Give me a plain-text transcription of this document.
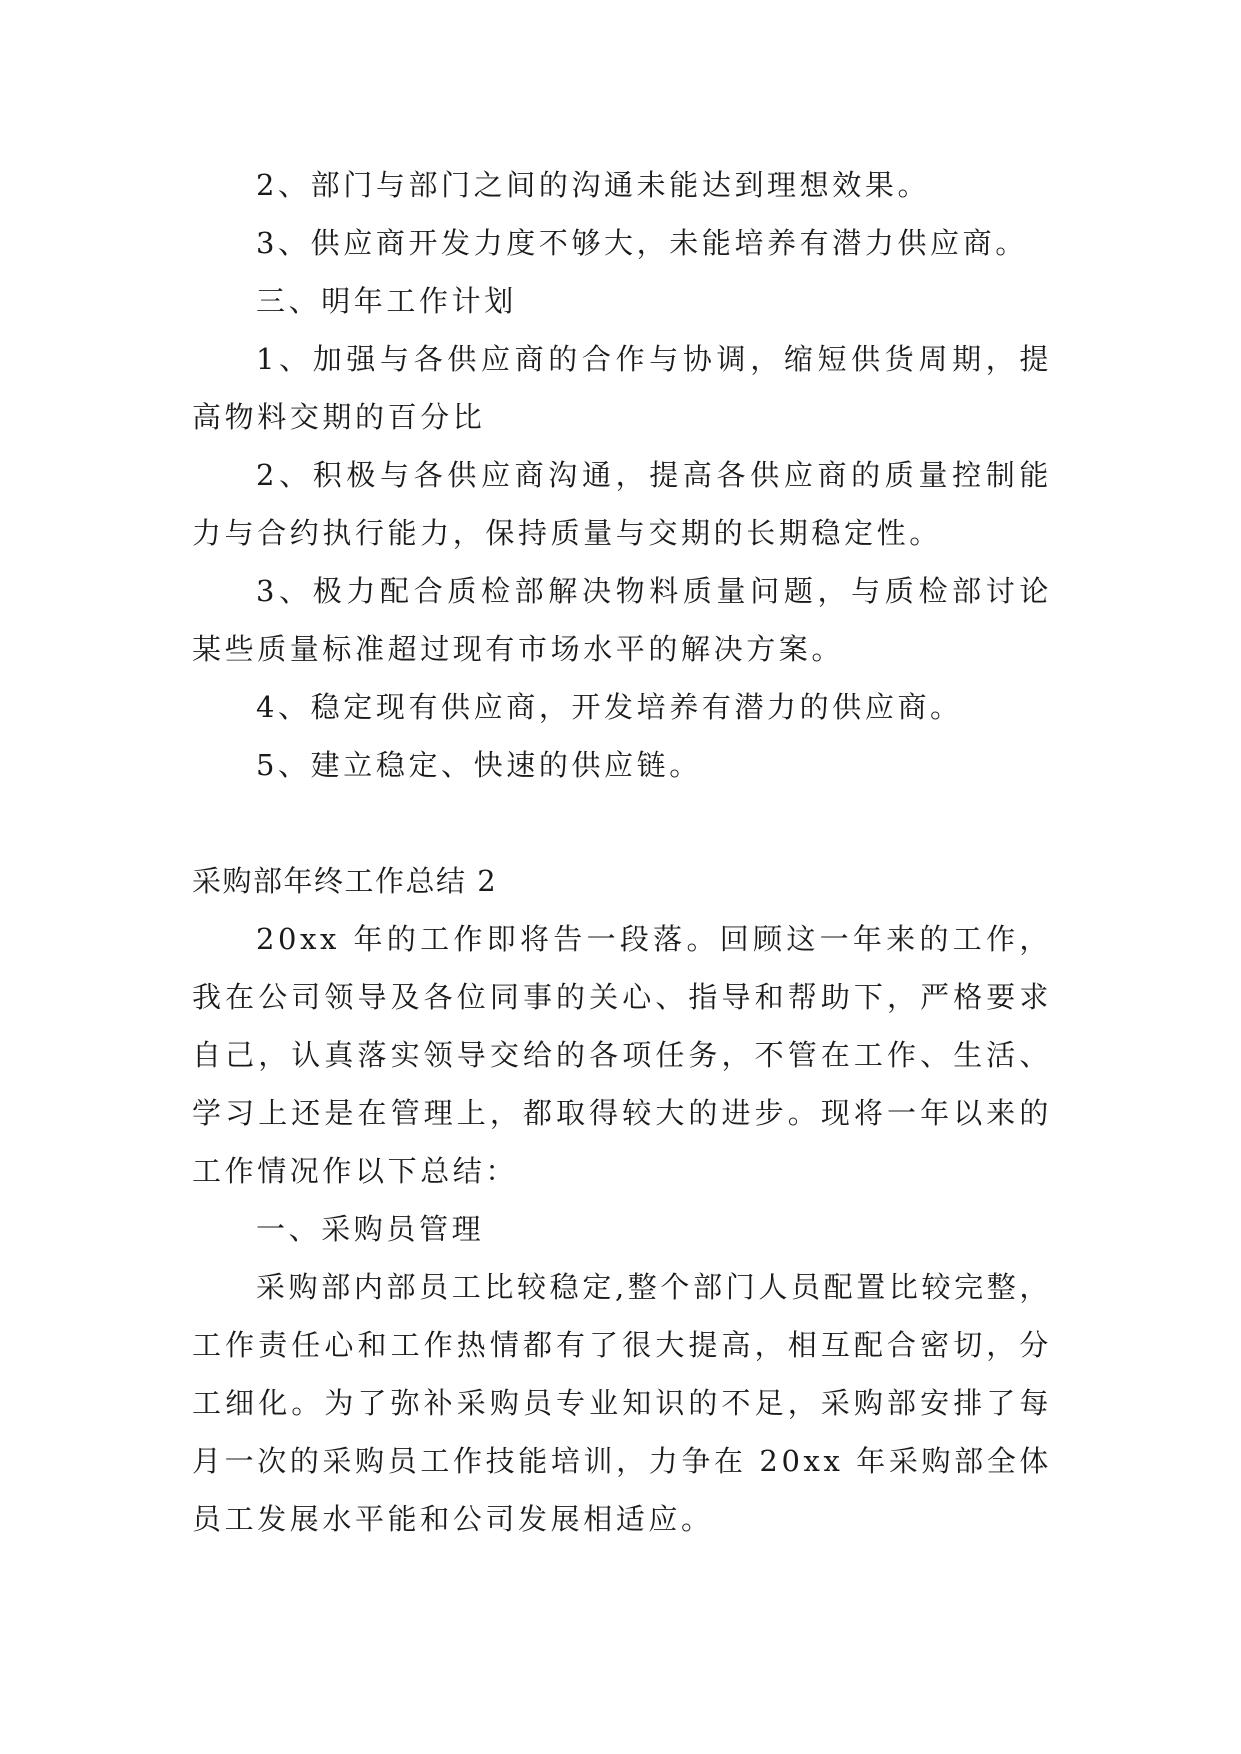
2、部门与部门之间的沟通未能达到理想效果。

3、供应商开发力度不够大，未能培养有潜力供应商。

三、明年工作计划

1、加强与各供应商的合作与协调，缩短供货周期，提高物料交期的百分比

2、积极与各供应商沟通，提高各供应商的质量控制能力与合约执行能力，保持质量与交期的长期稳定性。

3、极力配合质检部解决物料质量问题，与质检部讨论某些质量标准超过现有市场水平的解决方案。

4、稳定现有供应商，开发培养有潜力的供应商。

5、建立稳定、快速的供应链。

采购部年终工作总结 2

20xx 年的工作即将告一段落。回顾这一年来的工作，我在公司领导及各位同事的关心、指导和帮助下，严格要求自己，认真落实领导交给的各项任务，不管在工作、生活、学习上还是在管理上，都取得较大的进步。现将一年以来的工作情况作以下总结：

一、采购员管理

采购部内部员工比较稳定,整个部门人员配置比较完整，工作责任心和工作热情都有了很大提高，相互配合密切，分工细化。为了弥补采购员专业知识的不足，采购部安排了每月一次的采购员工作技能培训，力争在 20xx 年采购部全体员工发展水平能和公司发展相适应。
